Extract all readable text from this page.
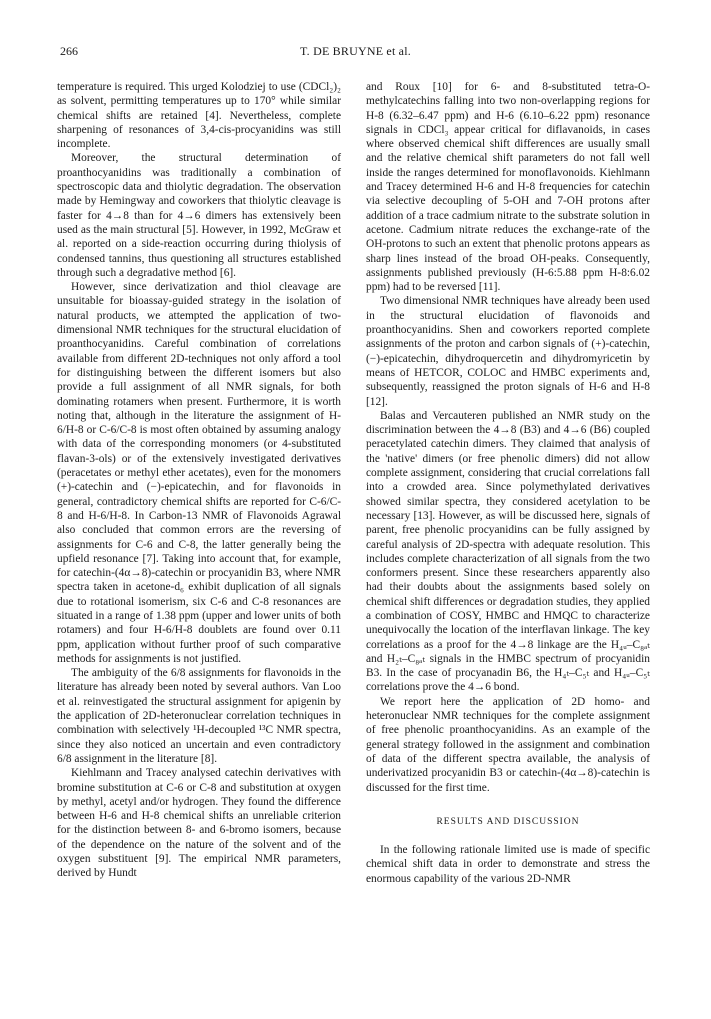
266	T. DE BRUYNE et al.

temperature is required. This urged Kolodziej to use (CDCl₂)₂ as solvent, permitting temperatures up to 170° while similar chemical shifts are retained [4]. Nevertheless, complete sharpening of resonances of 3,4-cis-procyanidins was still incomplete.

Moreover, the structural determination of proanthocyanidins was traditionally a combination of spectroscopic data and thiolytic degradation. The observation made by Hemingway and coworkers that thiolytic cleavage is faster for 4→8 than for 4→6 dimers has extensively been used as the main structural [5]. However, in 1992, McGraw et al. reported on a side-reaction occurring during thiolysis of condensed tannins, thus questioning all structures established through such a degradative method [6].

However, since derivatization and thiol cleavage are unsuitable for bioassay-guided strategy in the isolation of natural products, we attempted the application of two-dimensional NMR techniques for the structural elucidation of proanthocyanidins. Careful combination of correlations available from different 2D-techniques not only afford a tool for distinguishing between the different isomers but also provide a full assignment of all NMR signals, for both dominating rotamers when present. Furthermore, it is worth noting that, although in the literature the assignment of H-6/H-8 or C-6/C-8 is most often obtained by assuming analogy with data of the corresponding monomers (or 4-substituted flavan-3-ols) or of the extensively investigated derivatives (peracetates or methyl ether acetates), even for the monomers (+)-catechin and (−)-epicatechin, and for flavonoids in general, contradictory chemical shifts are reported for C-6/C-8 and H-6/H-8. In Carbon-13 NMR of Flavonoids Agrawal also concluded that common errors are the reversing of assignments for C-6 and C-8, the latter generally being the upfield resonance [7]. Taking into account that, for example, for catechin-(4α→8)-catechin or procyanidin B3, where NMR spectra taken in acetone-d₆ exhibit duplication of all signals due to rotational isomerism, six C-6 and C-8 resonances are situated in a range of 1.38 ppm (upper and lower units of both rotamers) and four H-6/H-8 doublets are found over 0.11 ppm, application without further proof of such comparative methods for assignments is not justified.

The ambiguity of the 6/8 assignments for flavonoids in the literature has already been noted by several authors. Van Loo et al. reinvestigated the structural assignment for apigenin by the application of 2D-heteronuclear correlation techniques in combination with selectively ¹H-decoupled ¹³C NMR spectra, since they also noticed an uncertain and even contradictory 6/8 assignment in the literature [8].

Kiehlmann and Tracey analysed catechin derivatives with bromine substitution at C-6 or C-8 and substitution at oxygen by methyl, acetyl and/or hydrogen. They found the difference between H-6 and H-8 chemical shifts an unreliable criterion for the distinction between 8- and 6-bromo isomers, because of the dependence on the nature of the solvent and of the oxygen substituent [9]. The empirical NMR parameters, derived by Hundt

and Roux [10] for 6- and 8-substituted tetra-O-methylcatechins falling into two non-overlapping regions for H-8 (6.32–6.47 ppm) and H-6 (6.10–6.22 ppm) resonance signals in CDCl₃ appear critical for diflavanoids, in cases where observed chemical shift differences are usually small and the relative chemical shift parameters do not fall well inside the ranges determined for monoflavonoids. Kiehlmann and Tracey determined H-6 and H-8 frequencies for catechin via selective decoupling of 5-OH and 7-OH protons after addition of a trace cadmium nitrate to the substrate solution in acetone. Cadmium nitrate reduces the exchange-rate of the OH-protons to such an extent that phenolic protons appears as sharp lines instead of the broad OH-peaks. Consequently, assignments published previously (H-6:5.88 ppm H-8:6.02 ppm) had to be reversed [11].

Two dimensional NMR techniques have already been used in the structural elucidation of flavonoids and proanthocyanidins. Shen and coworkers reported complete assignments of the proton and carbon signals of (+)-catechin, (−)-epicatechin, dihydroquercetin and dihydromyricetin by means of HETCOR, COLOC and HMBC experiments and, subsequently, reassigned the proton signals of H-6 and H-8 [12].

Balas and Vercauteren published an NMR study on the discrimination between the 4→8 (B3) and 4→6 (B6) coupled peracetylated catechin dimers. They claimed that analysis of the 'native' dimers (or free phenolic dimers) did not allow complete assignment, considering that crucial correlations fall into a crowded area. Since polymethylated derivatives showed similar spectra, they considered acetylation to be necessary [13]. However, as will be discussed here, signals of parent, free phenolic procyanidins can be fully assigned by careful analysis of 2D-spectra with adequate resolution. This includes complete characterization of all signals from the two conformers present. Since these researchers apparently also had their doubts about the assignments based solely on chemical shift differences or degradation studies, they applied a combination of COSY, HMBC and HMQC to characterize unequivocally the location of the interflavan linkage. The key correlations as a proof for the 4→8 linkage are the H₄ᵤ–C₈ₐₜ and H₂ₜ–C₈ₐₜ signals in the HMBC spectrum of procyanidin B3. In the case of procyanadin B6, the H₄ₜ–C₅ₜ and H₄ᵤ–C₅ₜ correlations prove the 4→6 bond.

We report here the application of 2D homo- and heteronuclear NMR techniques for the complete assignment of free phenolic proanthocyanidins. As an example of the general strategy followed in the assignment and combination of data of the different spectra available, the analysis of underivatized procyanidin B3 or catechin-(4α→8)-catechin is discussed for the first time.

RESULTS AND DISCUSSION

In the following rationale limited use is made of specific chemical shift data in order to demonstrate and stress the enormous capability of the various 2D-NMR
